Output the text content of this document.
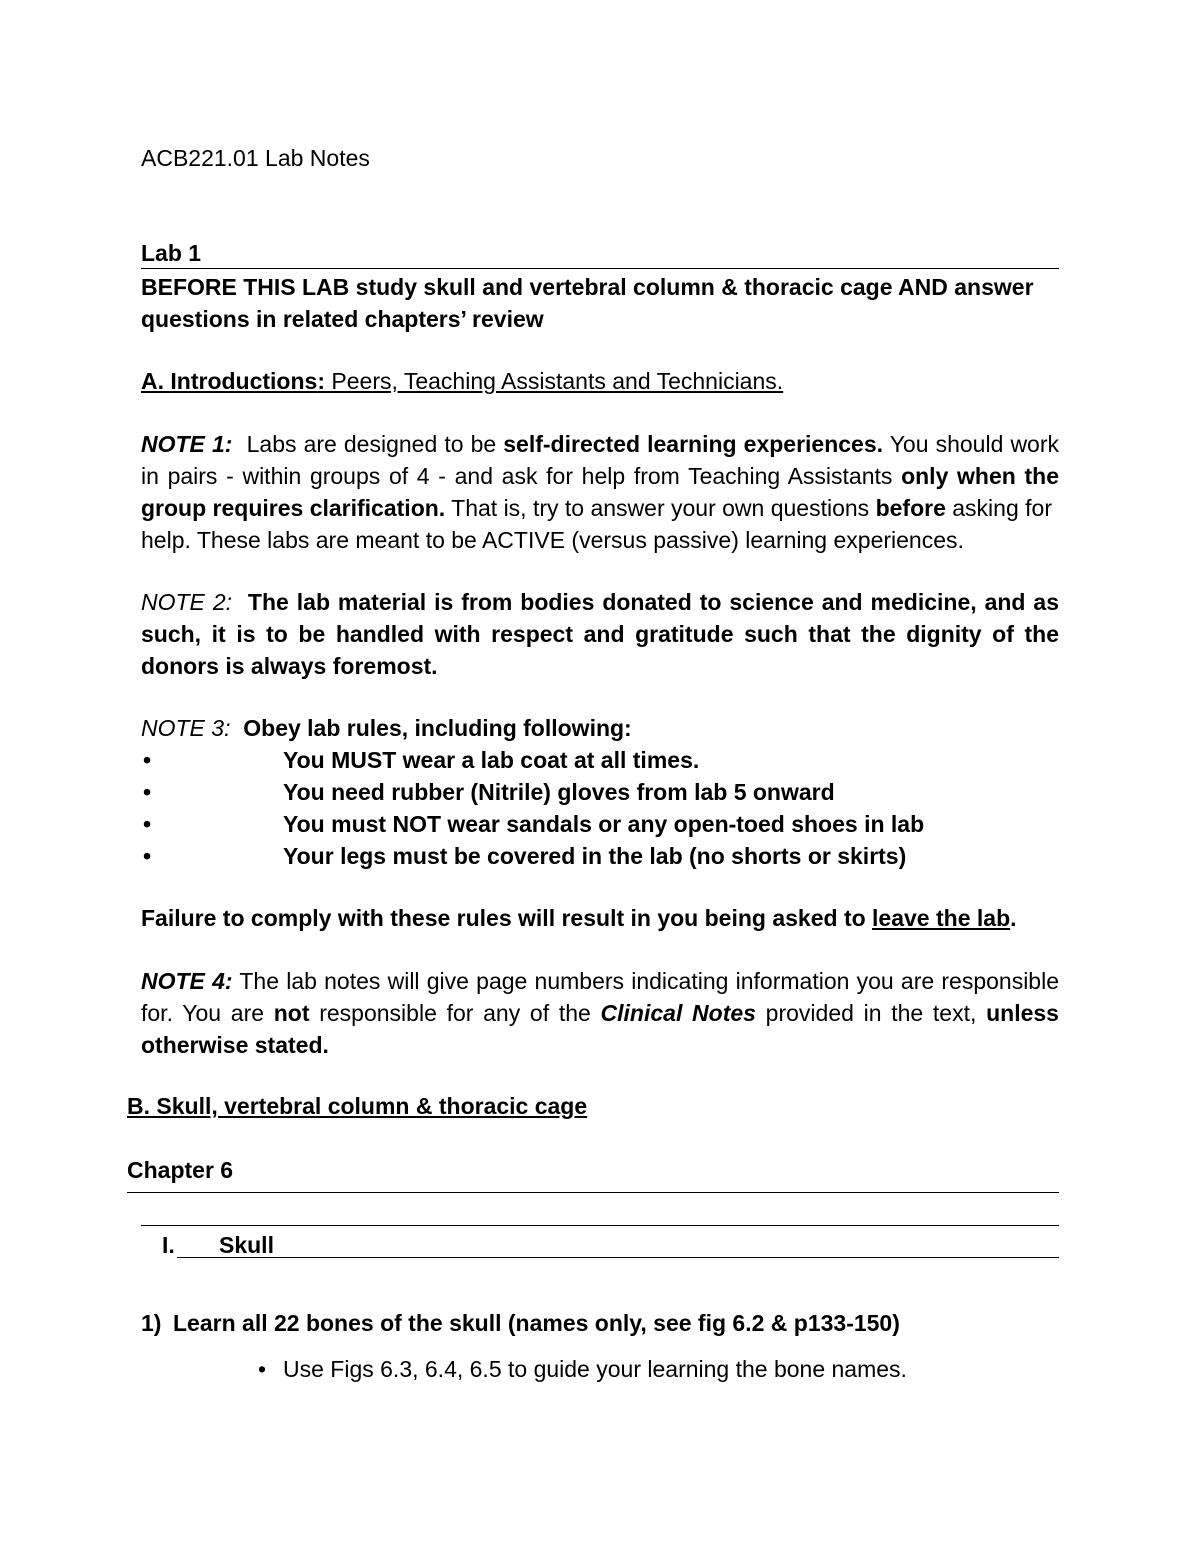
ACB221.01 Lab Notes
Lab 1
BEFORE THIS LAB study skull and vertebral column & thoracic cage AND answer
questions in related chapters’ review
A. Introductions: Peers, Teaching Assistants and Technicians.
NOTE 1: Labs are designed to be self-directed learning experiences. You should work
in pairs - within groups of 4 - and ask for help from Teaching Assistants only when the
group requires clarification. That is, try to answer your own questions before asking for
help. These labs are meant to be ACTIVE (versus passive) learning experiences.
NOTE 2: The lab material is from bodies donated to science and medicine, and as
such, it is to be handled with respect and gratitude such that the dignity of the
donors is always foremost.
NOTE 3: Obey lab rules, including following:
•	You MUST wear a lab coat at all times.
•	You need rubber (Nitrile) gloves from lab 5 onward
•	You must NOT wear sandals or any open-toed shoes in lab
•	Your legs must be covered in the lab (no shorts or skirts)
Failure to comply with these rules will result in you being asked to leave the lab.
NOTE 4: The lab notes will give page numbers indicating information you are responsible
for. You are not responsible for any of the Clinical Notes provided in the text, unless
otherwise stated.
B. Skull, vertebral column & thoracic cage
Chapter 6
I. Skull
1) Learn all 22 bones of the skull (names only, see fig 6.2 & p133-150)
• Use Figs 6.3, 6.4, 6.5 to guide your learning the bone names.
